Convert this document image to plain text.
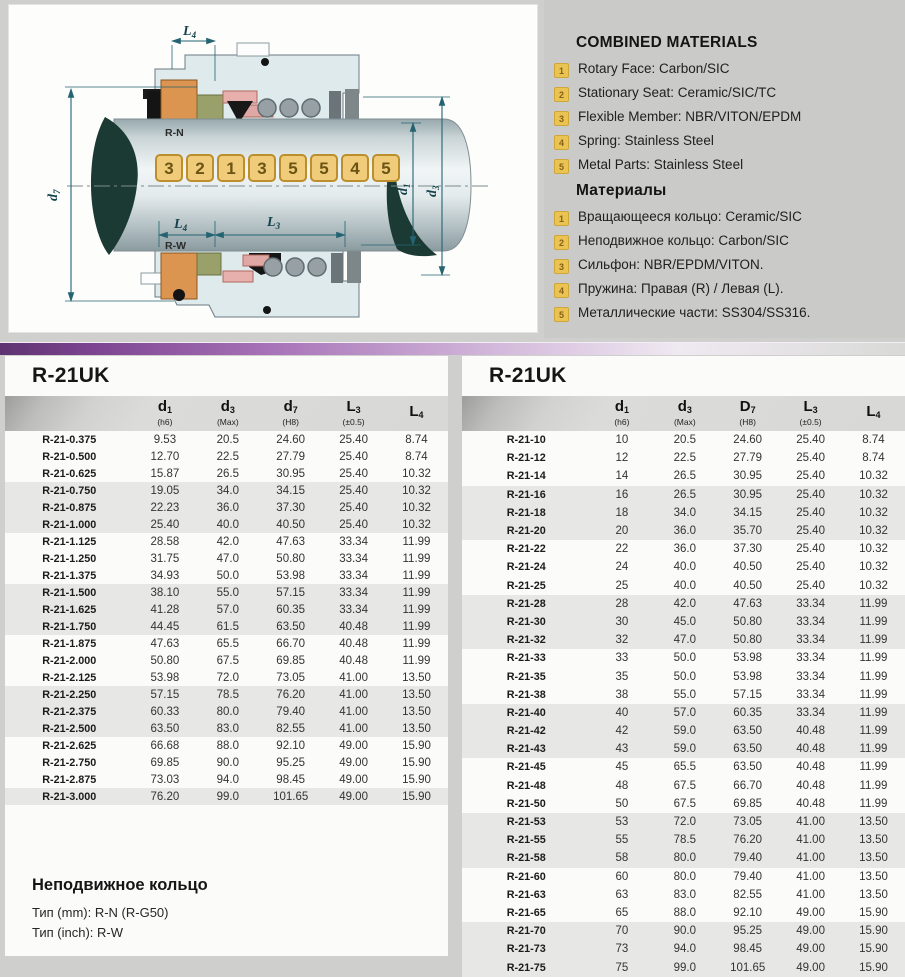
3 2 1 3 5 5 4 5
R-N
R-W
$L_4$
$d_7$
$L_4$	$L_3$
$d_1$
$d_3$
COMBINED MATERIALS
1	Rotary Face: Carbon/SIC
2	Stationary Seat: Ceramic/SIC/TC
3	Flexible Member: NBR/VITON/EPDM
4	Spring: Stainless Steel
5	Metal Parts: Stainless Steel
Материалы
1	Вращающееся кольцо: Ceramic/SIC
2	Неподвижное кольцо: Carbon/SIC
3	Сильфон: NBR/EPDM/VITON.
4	Пружина: Правая (R) / Левая (L).
5	Металлические части: SS304/SS316.
R-21UK
d1
(h6)
d3
(Max)
d7
(H8)
L3
(±0.5)
L4
R-21-0.375	9.53	20.5	24.60	25.40	8.74
R-21-0.500	12.70	22.5	27.79	25.40	8.74
R-21-0.625	15.87	26.5	30.95	25.40	10.32
R-21-0.750	19.05	34.0	34.15	25.40	10.32
R-21-0.875	22.23	36.0	37.30	25.40	10.32
R-21-1.000	25.40	40.0	40.50	25.40	10.32
R-21-1.125	28.58	42.0	47.63	33.34	11.99
R-21-1.250	31.75	47.0	50.80	33.34	11.99
R-21-1.375	34.93	50.0	53.98	33.34	11.99
R-21-1.500	38.10	55.0	57.15	33.34	11.99
R-21-1.625	41.28	57.0	60.35	33.34	11.99
R-21-1.750	44.45	61.5	63.50	40.48	11.99
R-21-1.875	47.63	65.5	66.70	40.48	11.99
R-21-2.000	50.80	67.5	69.85	40.48	11.99
R-21-2.125	53.98	72.0	73.05	41.00	13.50
R-21-2.250	57.15	78.5	76.20	41.00	13.50
R-21-2.375	60.33	80.0	79.40	41.00	13.50
R-21-2.500	63.50	83.0	82.55	41.00	13.50
R-21-2.625	66.68	88.0	92.10	49.00	15.90
R-21-2.750	69.85	90.0	95.25	49.00	15.90
R-21-2.875	73.03	94.0	98.45	49.00	15.90
R-21-3.000	76.20	99.0	101.65	49.00	15.90
Неподвижное кольцо
Тип (mm): R-N (R-G50)
Тип (inch): R-W
R-21UK
d1
(h6)
d3
(Max)
D7
(H8)
L3
(±0.5)
L4
R-21-10	10	20.5	24.60	25.40	8.74
R-21-12	12	22.5	27.79	25.40	8.74
R-21-14	14	26.5	30.95	25.40	10.32
R-21-16	16	26.5	30.95	25.40	10.32
R-21-18	18	34.0	34.15	25.40	10.32
R-21-20	20	36.0	35.70	25.40	10.32
R-21-22	22	36.0	37.30	25.40	10.32
R-21-24	24	40.0	40.50	25.40	10.32
R-21-25	25	40.0	40.50	25.40	10.32
R-21-28	28	42.0	47.63	33.34	11.99
R-21-30	30	45.0	50.80	33.34	11.99
R-21-32	32	47.0	50.80	33.34	11.99
R-21-33	33	50.0	53.98	33.34	11.99
R-21-35	35	50.0	53.98	33.34	11.99
R-21-38	38	55.0	57.15	33.34	11.99
R-21-40	40	57.0	60.35	33.34	11.99
R-21-42	42	59.0	63.50	40.48	11.99
R-21-43	43	59.0	63.50	40.48	11.99
R-21-45	45	65.5	63.50	40.48	11.99
R-21-48	48	67.5	66.70	40.48	11.99
R-21-50	50	67.5	69.85	40.48	11.99
R-21-53	53	72.0	73.05	41.00	13.50
R-21-55	55	78.5	76.20	41.00	13.50
R-21-58	58	80.0	79.40	41.00	13.50
R-21-60	60	80.0	79.40	41.00	13.50
R-21-63	63	83.0	82.55	41.00	13.50
R-21-65	65	88.0	92.10	49.00	15.90
R-21-70	70	90.0	95.25	49.00	15.90
R-21-73	73	94.0	98.45	49.00	15.90
R-21-75	75	99.0	101.65	49.00	15.90
